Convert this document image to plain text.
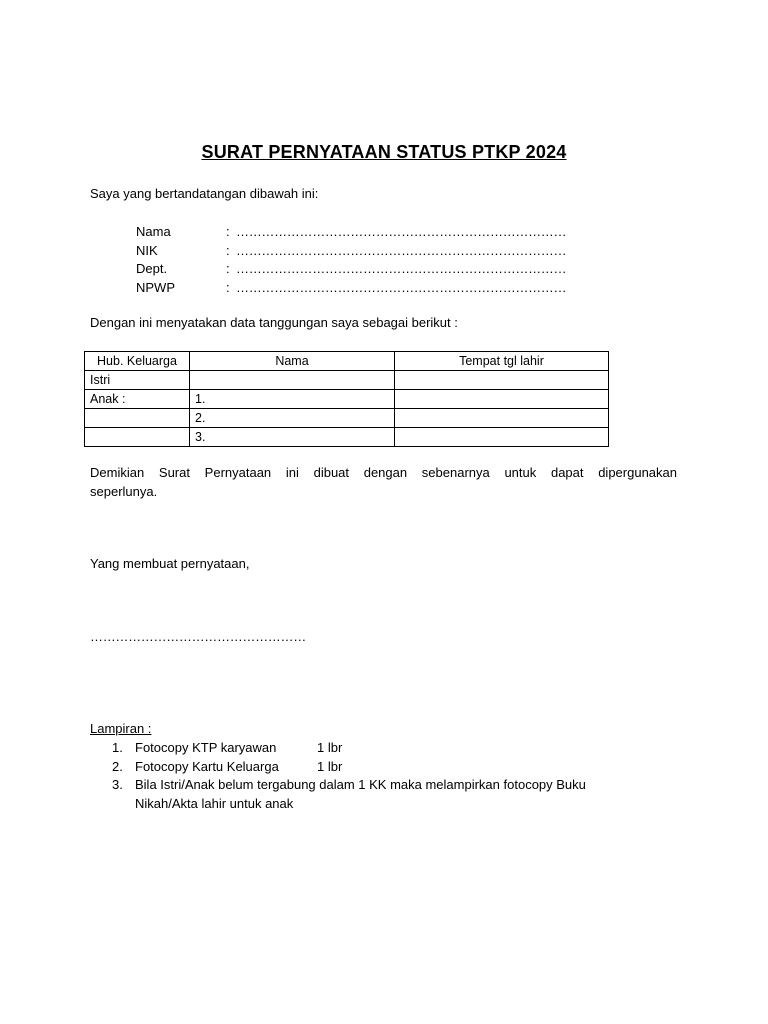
SURAT PERNYATAAN STATUS PTKP 2024
Saya yang bertandatangan dibawah ini:
Nama	: ……………………………………………………………………
NIK	: ……………………………………………………………………
Dept.	: ……………………………………………………………………
NPWP	: ……………………………………………………………………
Dengan ini menyatakan data tanggungan saya sebagai berikut :
Hub. Keluarga	Nama	Tempat tgl lahir
Istri		
Anak :	1.	
	2.	
	3.	
Demikian Surat Pernyataan ini dibuat dengan sebenarnya untuk dapat dipergunakan
seperlunya.
Yang membuat pernyataan,
……………………………………………
Lampiran :
1. Fotocopy KTP karyawan	1 lbr
2. Fotocopy Kartu Keluarga	1 lbr
3. Bila Istri/Anak belum tergabung dalam 1 KK maka melampirkan fotocopy Buku Nikah/Akta lahir untuk anak
